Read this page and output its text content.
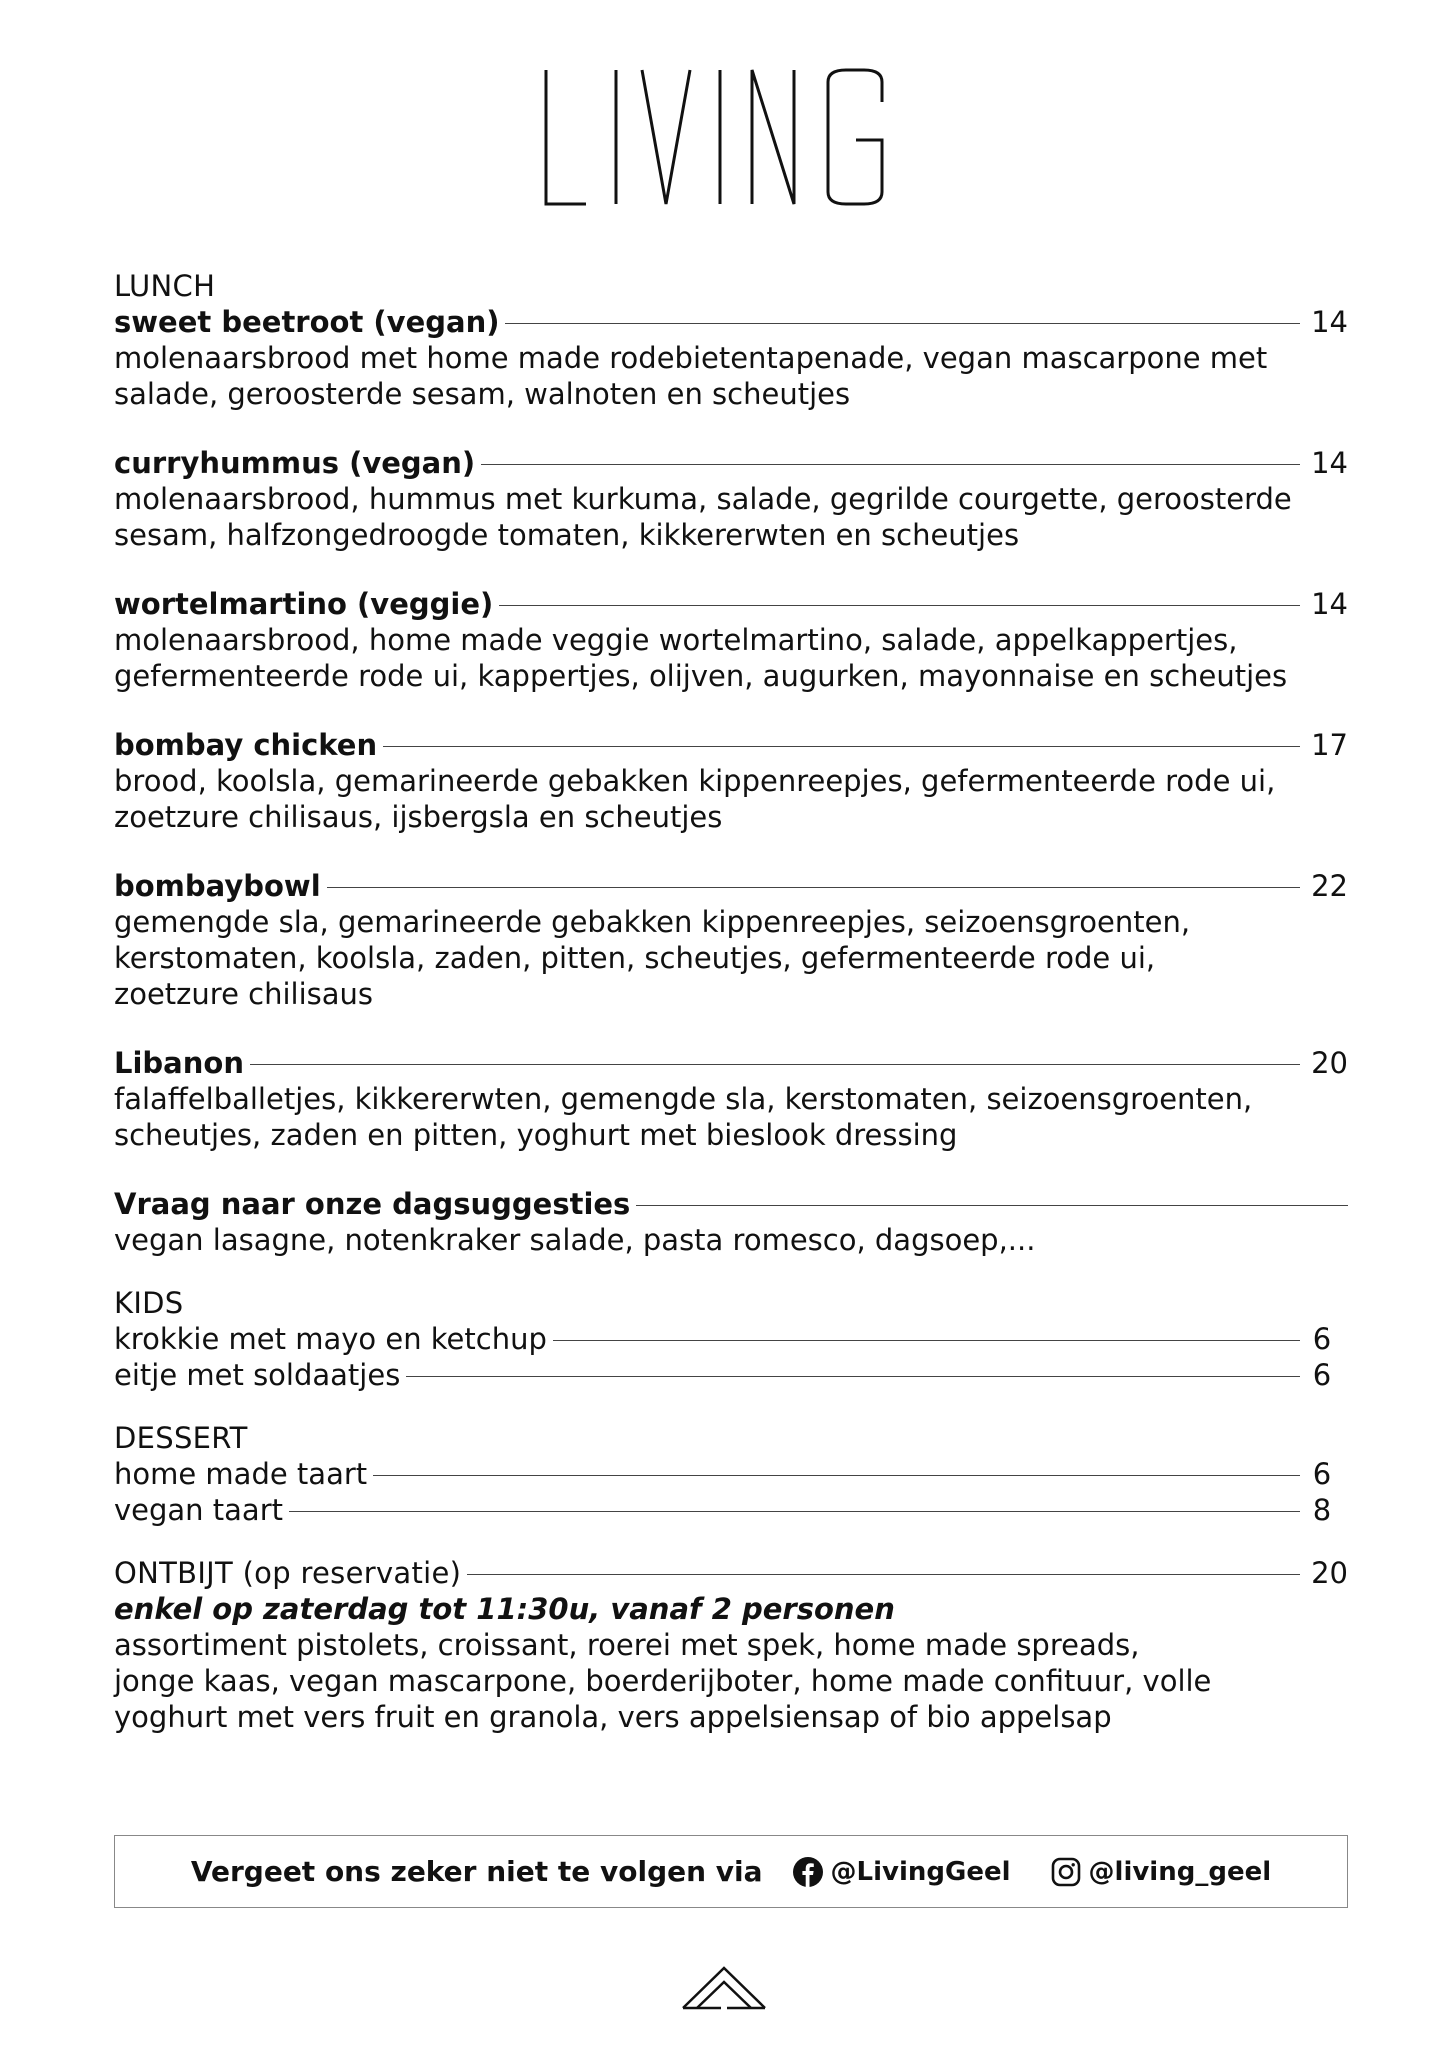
LUNCH
sweet beetroot (vegan)	14
molenaarsbrood met home made rodebietentapenade, vegan mascarpone met
salade, geroosterde sesam, walnoten en scheutjes
curryhummus (vegan)	14
molenaarsbrood, hummus met kurkuma, salade, gegrilde courgette, geroosterde
sesam, halfzongedroogde tomaten, kikkererwten en scheutjes
wortelmartino (veggie)	14
molenaarsbrood, home made veggie wortelmartino, salade, appelkappertjes,
gefermenteerde rode ui, kappertjes, olijven, augurken, mayonnaise en scheutjes
bombay chicken	17
brood, koolsla, gemarineerde gebakken kippenreepjes, gefermenteerde rode ui,
zoetzure chilisaus, ijsbergsla en scheutjes
bombaybowl	22
gemengde sla, gemarineerde gebakken kippenreepjes, seizoensgroenten,
kerstomaten, koolsla, zaden, pitten, scheutjes, gefermenteerde rode ui,
zoetzure chilisaus
Libanon	20
falaffelballetjes, kikkererwten, gemengde sla, kerstomaten, seizoensgroenten,
scheutjes, zaden en pitten, yoghurt met bieslook dressing
Vraag naar onze dagsuggesties
vegan lasagne, notenkraker salade, pasta romesco, dagsoep,...
KIDS
krokkie met mayo en ketchup	6
eitje met soldaatjes	6
DESSERT
home made taart	6
vegan taart	8
ONTBIJT (op reservatie)	20
enkel op zaterdag tot 11:30u, vanaf 2 personen
assortiment pistolets, croissant, roerei met spek, home made spreads,
jonge kaas, vegan mascarpone, boerderijboter, home made confituur, volle
yoghurt met vers fruit en granola, vers appelsiensap of bio appelsap
Vergeet ons zeker niet te volgen via	@LivingGeel	@living_geel
